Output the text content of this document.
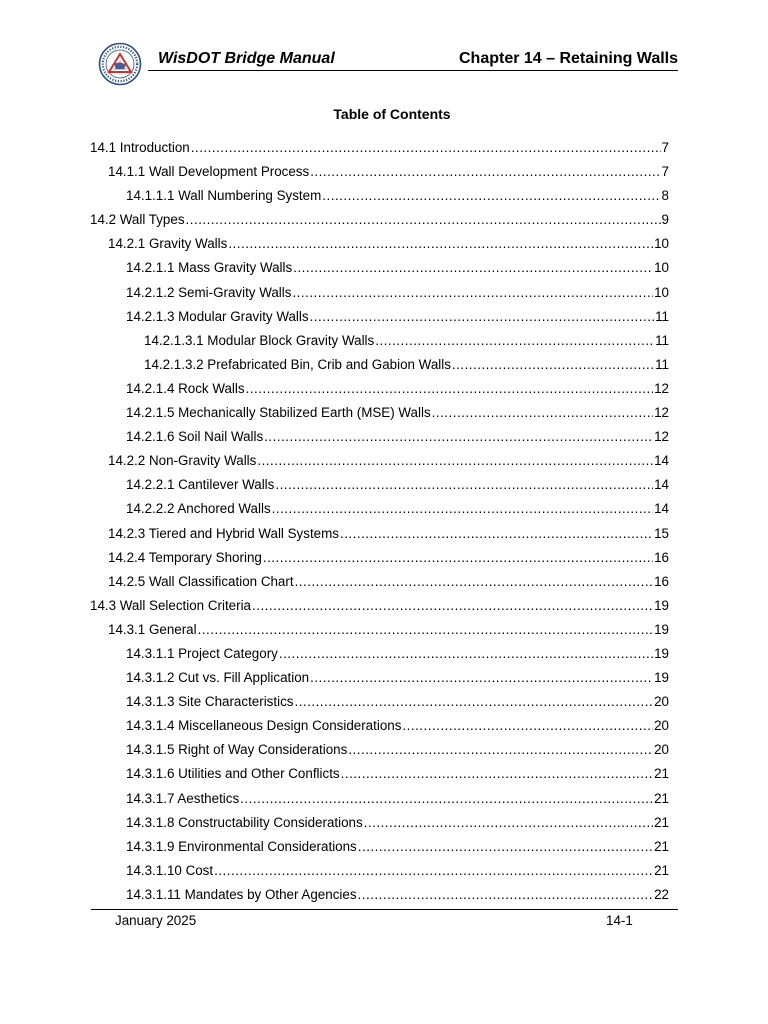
WisDOT Bridge Manual	Chapter 14 – Retaining Walls
Table of Contents
14.1 Introduction .....	7
14.1.1 Wall Development Process .....	7
14.1.1.1 Wall Numbering System .....	8
14.2 Wall Types .....	9
14.2.1 Gravity Walls .....	10
14.2.1.1 Mass Gravity Walls .....	10
14.2.1.2 Semi-Gravity Walls .....	10
14.2.1.3 Modular Gravity Walls .....	11
14.2.1.3.1 Modular Block Gravity Walls .....	11
14.2.1.3.2 Prefabricated Bin, Crib and Gabion Walls .....	11
14.2.1.4 Rock Walls .....	12
14.2.1.5 Mechanically Stabilized Earth (MSE) Walls .....	12
14.2.1.6 Soil Nail Walls .....	12
14.2.2 Non-Gravity Walls .....	14
14.2.2.1 Cantilever Walls .....	14
14.2.2.2 Anchored Walls .....	14
14.2.3 Tiered and Hybrid Wall Systems .....	15
14.2.4 Temporary Shoring .....	16
14.2.5 Wall Classification Chart .....	16
14.3 Wall Selection Criteria .....	19
14.3.1 General .....	19
14.3.1.1 Project Category .....	19
14.3.1.2 Cut vs. Fill Application .....	19
14.3.1.3 Site Characteristics .....	20
14.3.1.4 Miscellaneous Design Considerations .....	20
14.3.1.5 Right of Way Considerations .....	20
14.3.1.6 Utilities and Other Conflicts .....	21
14.3.1.7 Aesthetics .....	21
14.3.1.8 Constructability Considerations .....	21
14.3.1.9 Environmental Considerations .....	21
14.3.1.10 Cost .....	21
14.3.1.11 Mandates by Other Agencies .....	22
January 2025	14-1
